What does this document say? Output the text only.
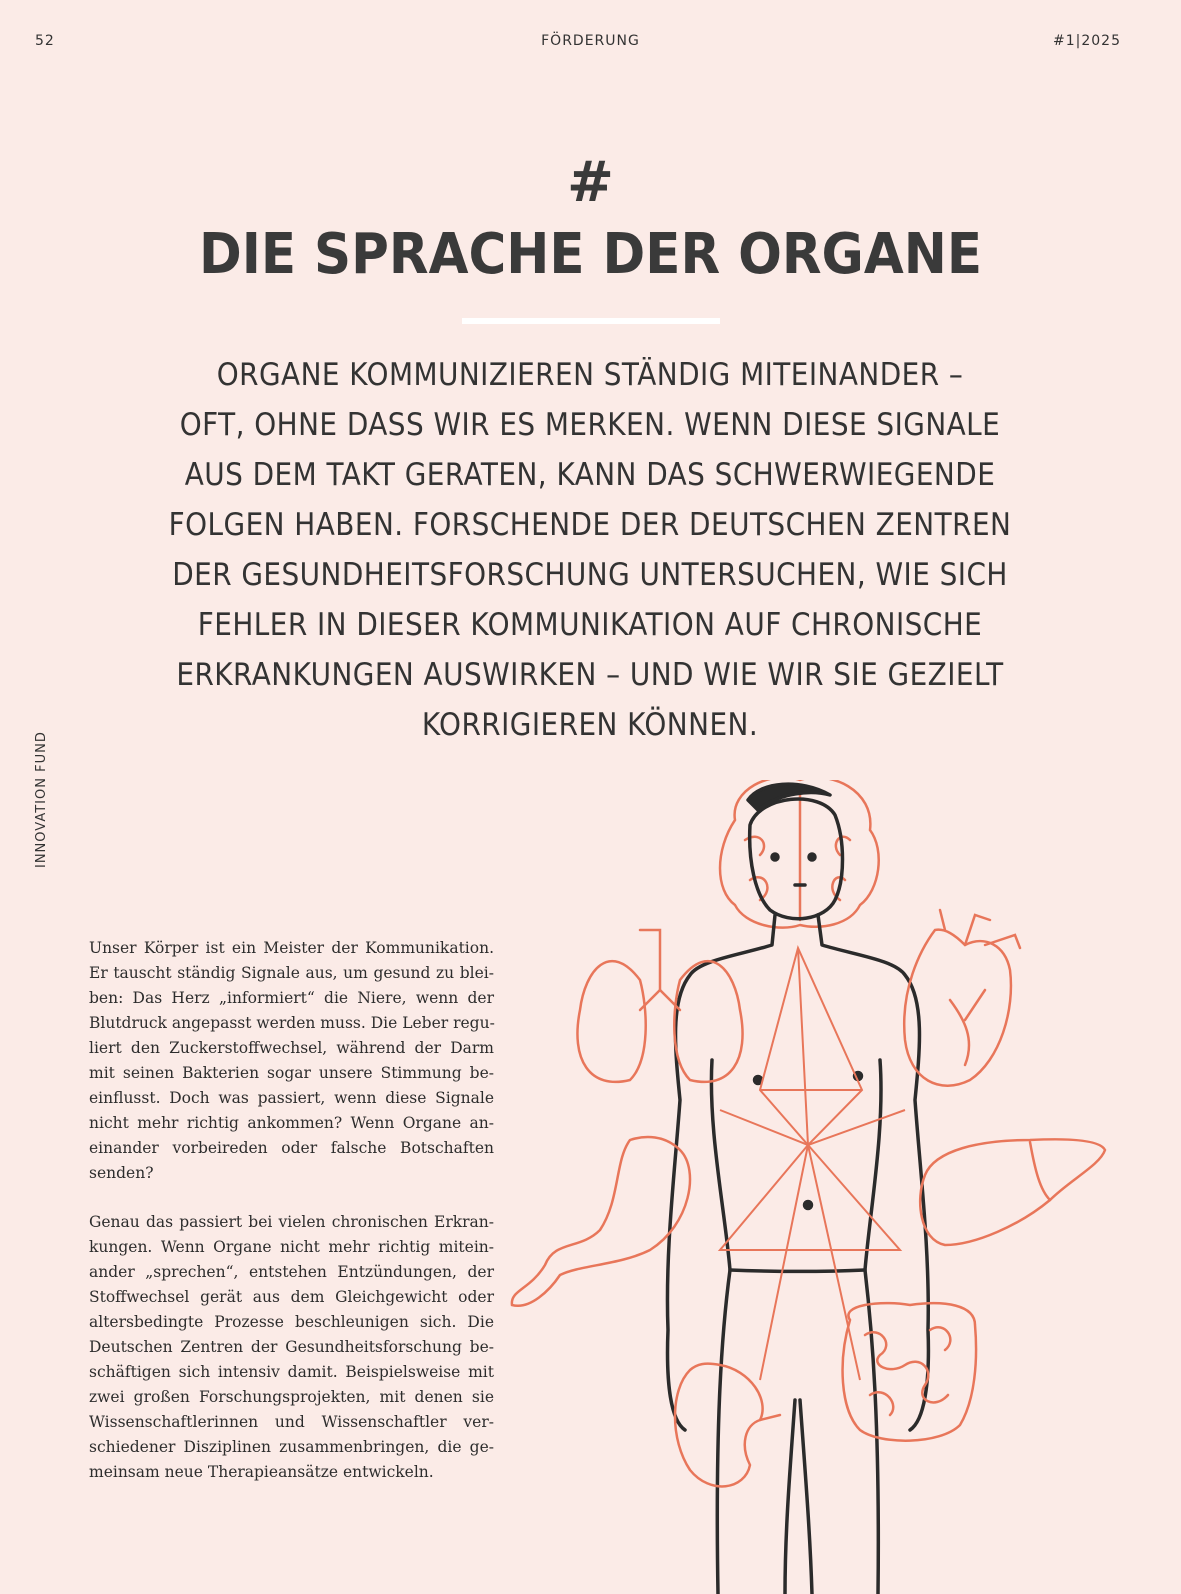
52	FÖRDERUNG	#1|2025
INNOVATION FUND
#
DIE SPRACHE DER ORGANE
ORGANE KOMMUNIZIEREN STÄNDIG MITEINANDER –
OFT, OHNE DASS WIR ES MERKEN. WENN DIESE SIGNALE
AUS DEM TAKT GERATEN, KANN DAS SCHWERWIEGENDE
FOLGEN HABEN. FORSCHENDE DER DEUTSCHEN ZENTREN
DER GESUNDHEITSFORSCHUNG UNTERSUCHEN, WIE SICH
FEHLER IN DIESER KOMMUNIKATION AUF CHRONISCHE
ERKRANKUNGEN AUSWIRKEN – UND WIE WIR SIE GEZIELT
KORRIGIEREN KÖNNEN.
Unser Körper ist ein Meister der Kommunikation.
Er tauscht ständig Signale aus, um gesund zu blei-
ben: Das Herz „informiert“ die Niere, wenn der
Blutdruck angepasst werden muss. Die Leber regu-
liert den Zuckerstoffwechsel, während der Darm
mit seinen Bakterien sogar unsere Stimmung be-
einflusst. Doch was passiert, wenn diese Signale
nicht mehr richtig ankommen? Wenn Organe an-
einander vorbeireden oder falsche Botschaften
senden?
Genau das passiert bei vielen chronischen Erkran-
kungen. Wenn Organe nicht mehr richtig mitein-
ander „sprechen“, entstehen Entzündungen, der
Stoffwechsel gerät aus dem Gleichgewicht oder
altersbedingte Prozesse beschleunigen sich. Die
Deutschen Zentren der Gesundheitsforschung be-
schäftigen sich intensiv damit. Beispielsweise mit
zwei großen Forschungsprojekten, mit denen sie
Wissenschaftlerinnen und Wissenschaftler ver-
schiedener Disziplinen zusammenbringen, die ge-
meinsam neue Therapieansätze entwickeln.
